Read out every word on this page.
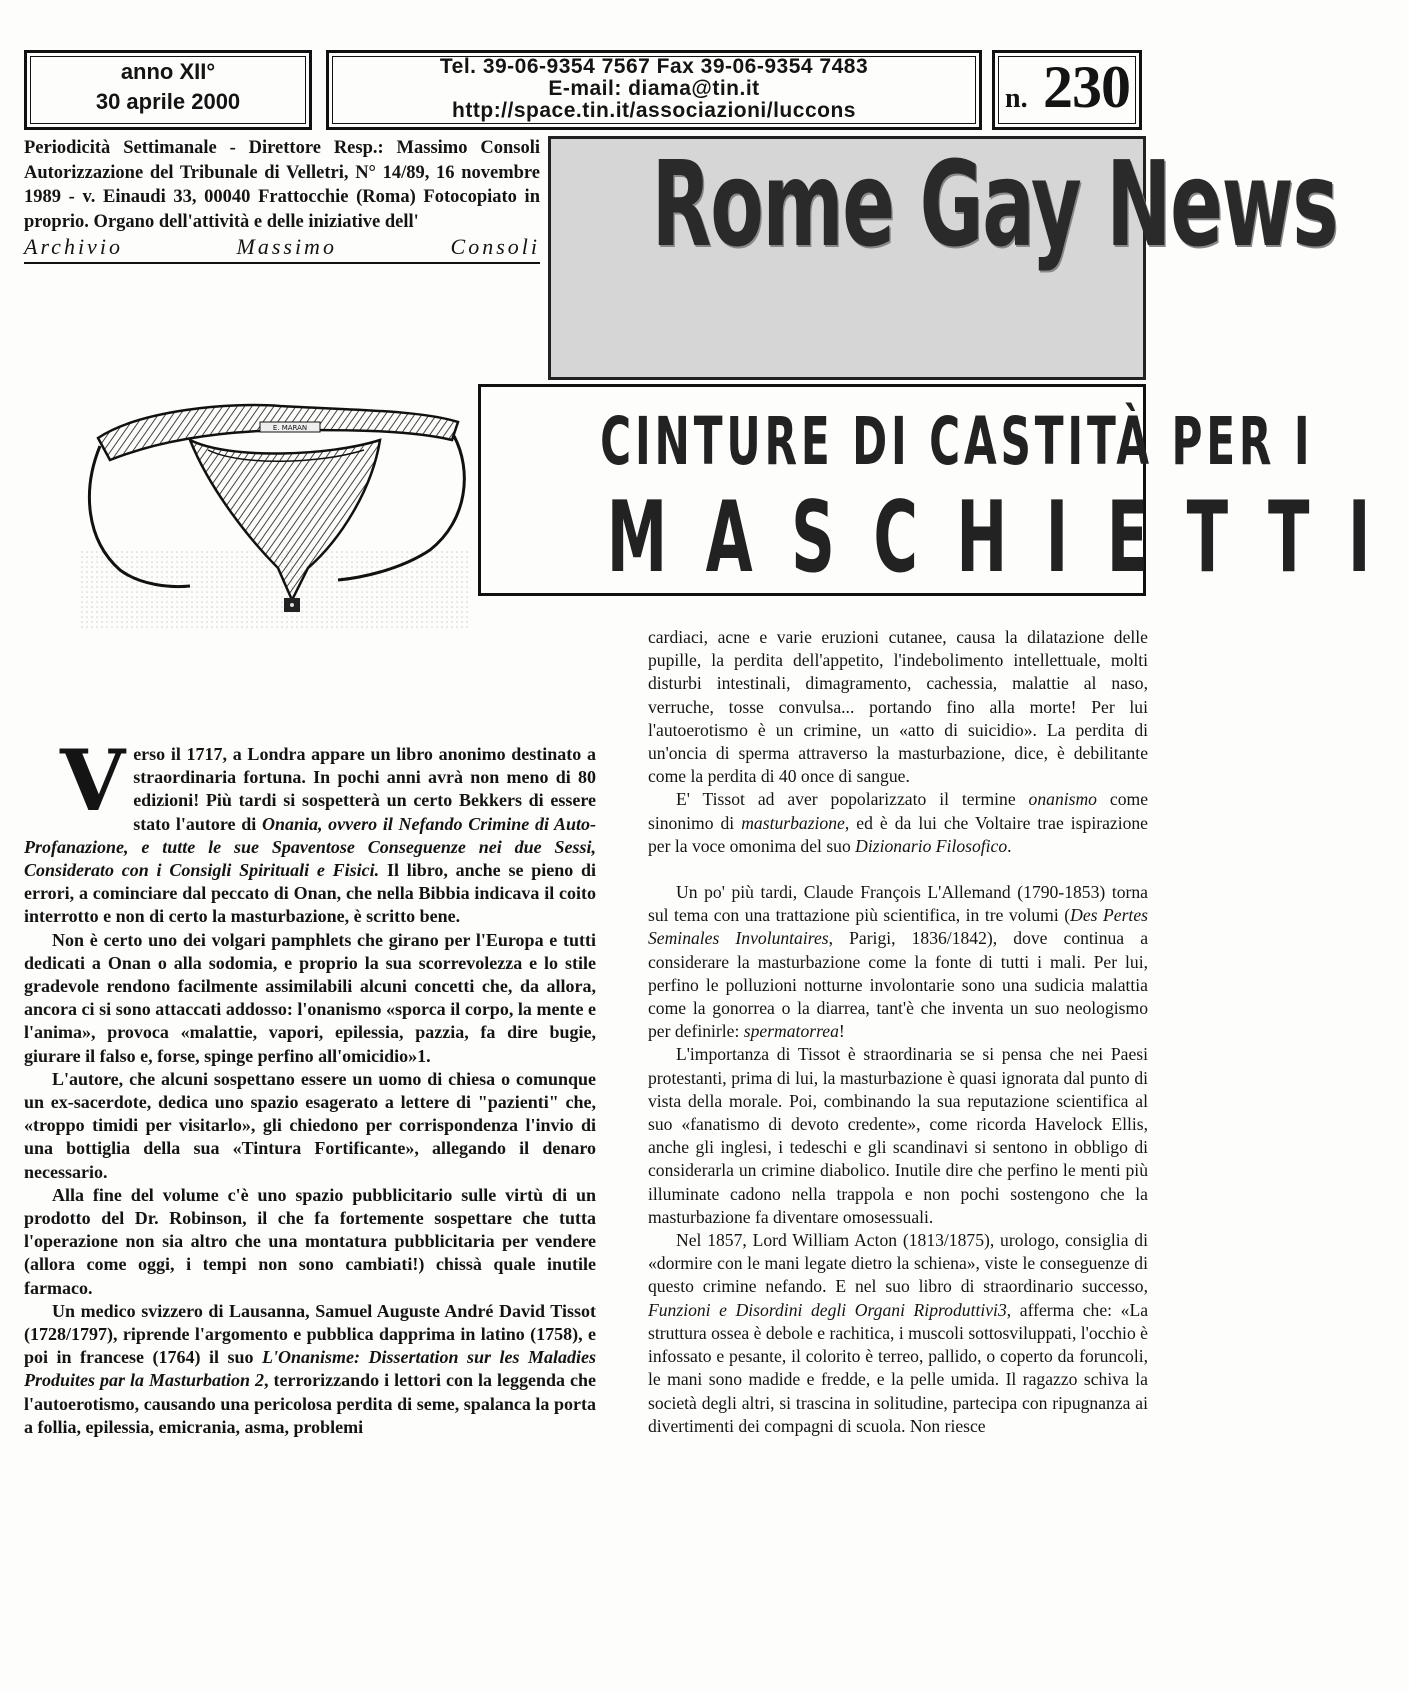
anno XII°
30 aprile 2000
Tel. 39-06-9354 7567 Fax 39-06-9354 7483
E-mail: diama@tin.it
http://space.tin.it/associazioni/luccons	n. 230
Periodicità Settimanale - Direttore Resp.: Massimo Consoli Autorizzazione del Tribunale di Velletri, N° 14/89, 16 novembre 1989 - v. Einaudi 33, 00040 Frattocchie (Roma) Fotocopiato in proprio. Organo dell'attività e delle iniziative dell'
Archivio	Massimo	Consoli Rome Gay News
CINTURE DI CASTITÀ PER I
MASCHIETTI
E. MARAN

Verso il 1717, a Londra appare un libro anonimo destinato a straordinaria fortuna. In pochi anni avrà non meno di 80 edizioni! Più tardi si sospetterà un certo Bekkers di essere stato l'autore di Onania, ovvero il Nefando Crimine di Auto-Profanazione, e tutte le sue Spaventose Conseguenze nei due Sessi, Considerato con i Consigli Spirituali e Fisici. Il libro, anche se pieno di errori, a cominciare dal peccato di Onan, che nella Bibbia indicava il coito interrotto e non di certo la masturbazione, è scritto bene.

Non è certo uno dei volgari pamphlets che girano per l'Europa e tutti dedicati a Onan o alla sodomia, e proprio la sua scorrevolezza e lo stile gradevole rendono facilmente assimilabili alcuni concetti che, da allora, ancora ci si sono attaccati addosso: l'onanismo «sporca il corpo, la mente e l'anima», provoca «malattie, vapori, epilessia, pazzia, fa dire bugie, giurare il falso e, forse, spinge perfino all'omicidio»1.

L'autore, che alcuni sospettano essere un uomo di chiesa o comunque un ex-sacerdote, dedica uno spazio esagerato a lettere di "pazienti" che, «troppo timidi per visitarlo», gli chiedono per corrispondenza l'invio di una bottiglia della sua «Tintura Fortificante», allegando il denaro necessario.

Alla fine del volume c'è uno spazio pubblicitario sulle virtù di un prodotto del Dr. Robinson, il che fa fortemente sospettare che tutta l'operazione non sia altro che una montatura pubblicitaria per vendere (allora come oggi, i tempi non sono cambiati!) chissà quale inutile farmaco.

Un medico svizzero di Lausanna, Samuel Auguste André David Tissot (1728/1797), riprende l'argomento e pubblica dapprima in latino (1758), e poi in francese (1764) il suo L'Onanisme: Dissertation sur les Maladies Produites par la Masturbation 2, terrorizzando i lettori con la leggenda che l'autoerotismo, causando una pericolosa perdita di seme, spalanca la porta a follia, epilessia, emicrania, asma, problemi

cardiaci, acne e varie eruzioni cutanee, causa la dilatazione delle pupille, la perdita dell'appetito, l'indebolimento intellettuale, molti disturbi intestinali, dimagramento, cachessia, malattie al naso, verruche, tosse convulsa... portando fino alla morte! Per lui l'autoerotismo è un crimine, un «atto di suicidio». La perdita di un'oncia di sperma attraverso la masturbazione, dice, è debilitante come la perdita di 40 once di sangue.

E' Tissot ad aver popolarizzato il termine onanismo come sinonimo di masturbazione, ed è da lui che Voltaire trae ispirazione per la voce omonima del suo Dizionario Filosofico.

Un po' più tardi, Claude François L'Allemand (1790-1853) torna sul tema con una trattazione più scientifica, in tre volumi (Des Pertes Seminales Involuntaires, Parigi, 1836/1842), dove continua a considerare la masturbazione come la fonte di tutti i mali. Per lui, perfino le polluzioni notturne involontarie sono una sudicia malattia come la gonorrea o la diarrea, tant'è che inventa un suo neologismo per definirle: spermatorrea!

L'importanza di Tissot è straordinaria se si pensa che nei Paesi protestanti, prima di lui, la masturbazione è quasi ignorata dal punto di vista della morale. Poi, combinando la sua reputazione scientifica al suo «fanatismo di devoto credente», come ricorda Havelock Ellis, anche gli inglesi, i tedeschi e gli scandinavi si sentono in obbligo di considerarla un crimine diabolico. Inutile dire che perfino le menti più illuminate cadono nella trappola e non pochi sostengono che la masturbazione fa diventare omosessuali.

Nel 1857, Lord William Acton (1813/1875), urologo, consiglia di «dormire con le mani legate dietro la schiena», viste le conseguenze di questo crimine nefando. E nel suo libro di straordinario successo, Funzioni e Disordini degli Organi Riproduttivi3, afferma che: «La struttura ossea è debole e rachitica, i muscoli sottosviluppati, l'occhio è infossato e pesante, il colorito è terreo, pallido, o coperto da foruncoli, le mani sono madide e fredde, e la pelle umida. Il ragazzo schiva la società degli altri, si trascina in solitudine, partecipa con ripugnanza ai divertimenti dei compagni di scuola. Non riesce
